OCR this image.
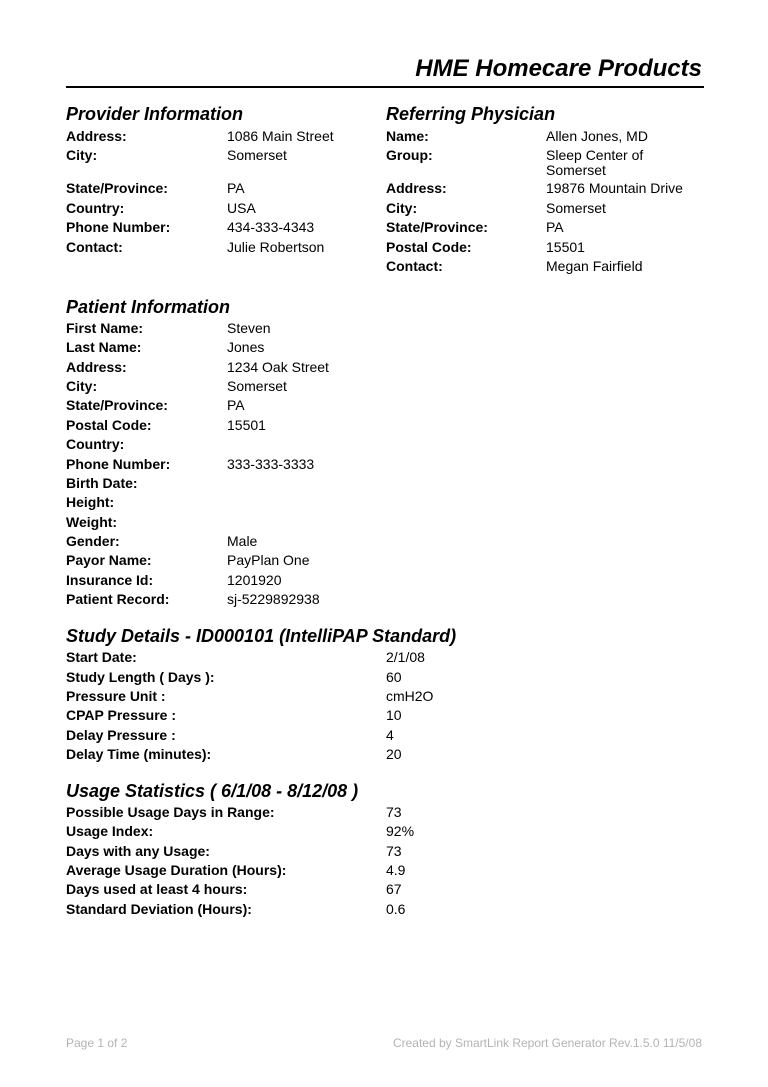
HME Homecare Products
Provider Information
Address:	1086 Main Street
City:	Somerset
State/Province:	PA
Country:	USA
Phone Number:	434-333-4343
Contact:	Julie Robertson
Referring Physician
Name:	Allen Jones, MD
Group:	Sleep Center of Somerset
Address:	19876 Mountain Drive
City:	Somerset
State/Province:	PA
Postal Code:	15501
Contact:	Megan Fairfield
Patient Information
First Name:	Steven
Last Name:	Jones
Address:	1234 Oak Street
City:	Somerset
State/Province:	PA
Postal Code:	15501
Country:
Phone Number:	333-333-3333
Birth Date:
Height:
Weight:
Gender:	Male
Payor Name:	PayPlan One
Insurance Id:	1201920
Patient Record:	sj-5229892938
Study Details - ID000101 (IntelliPAP Standard)
Start Date:	2/1/08
Study Length ( Days ):	60
Pressure Unit :	cmH2O
CPAP Pressure :	10
Delay Pressure :	4
Delay Time (minutes):	20
Usage Statistics ( 6/1/08 - 8/12/08 )
Possible Usage Days in Range:	73
Usage Index:	92%
Days with any Usage:	73
Average Usage Duration (Hours):	4.9
Days used at least 4 hours:	67
Standard Deviation (Hours):	0.6
Page 1 of 2	Created by SmartLink Report Generator Rev.1.5.0 11/5/08
